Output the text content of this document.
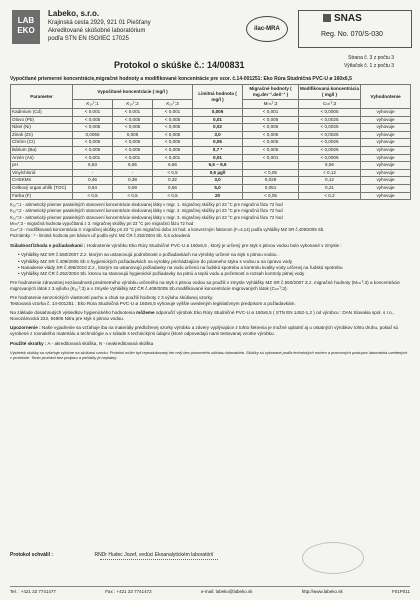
LAB
EKO
Labeko, s.r.o.
Krajinská cesta 2929, 921 01 Piešťany
Akreditované skúšobné laboratórium
podľa STN EN ISO/IEC 17025
ilac-MRA
SNAS
Reg. No. 070/S-030
Protokol o skúške č.: 14/00831
Strana č. 3 z počtu 3
Výtlačok č. 1 z počtu 3
Vypočítané priemerné koncentrácie,migračné hodnoty a modifikované koncentrácie pre vzor. č.14-001251: Eko Rúra Studničná PVC-U ø 160x6,5
Parameter	Vypočítané koncentrácie ( mg/l )			Limitná hodnota ( mg/l )	Migračné hodnoty ( mg.dm⁻².deň⁻¹ )	Modifikovaná koncentrácia ( mg/l )	Vyhodnotenie
	K₁₀ᵀ;1	K₁₀ᵀ;2	K₁₀ᵀ;3		Mₜₘᵀ;3	Cₜₘᵀ;3	
Kadmium (Cd)	< 0,001	< 0,001	< 0,001	0,005	< 0,001	< 0,0005	vyhovuje
Olovo (Pb)	< 0,005	< 0,005	< 0,005	0,01	< 0,005	< 0,0025	vyhovuje
Nikel (Ni)	< 0,005	< 0,005	< 0,005	0,02	< 0,005	< 0,0025	vyhovuje
Zinok (Zn)	0,0055	0,005	< 0,005	3,0	< 0,005	< 0,0025	vyhovuje
Chróm (Cr)	< 0,005	< 0,005	< 0,005	0,05	< 0,005	< 0,0025	vyhovuje
Bárium (Ba)	< 0,005	< 0,005	< 0,005	0,7 *	< 0,005	< 0,0025	vyhovuje
Arzén (As)	< 0,001	< 0,001	< 0,001	0,01	< 0,001	< 0,0005	vyhovuje
pH	6,53	6,55	6,56	6,5 – 9,5		6,56	vyhovuje
Vinylchlorid	-	-	< 0,5	0,5 µg/l	< 0,05	< 0,12	vyhovuje
CHSKMn	0,46	0,38	0,32	3,0	0,029	0,12	vyhovuje
Celkový organ.uhlík (TOC)	0,64	0,59	0,56	5,0	0,051	0,21	vyhovuje
Farba (F)	< 0,5	< 0,5	< 0,5	20	< 0,05	< 0,2	vyhovuje
K₁₀ᵀ;1 - aritmetický priemer paralelných stanovení koncentrácie sledovanej látky v migr. 1. migračnej skúšky pri 23 °C pre migračnú fázu 72 hod
K₁₀ᵀ;2 - aritmetický priemer paralelných stanovení koncentrácie sledovanej látky v migr. 2. migračnej skúšky pri 23 °C pre migračnú fázu 72 hod
K₁₀ᵀ;3 - aritmetický priemer paralelných stanovení koncentrácie sledovanej látky v migr. 3. migračnej skúšky pri 23 °C pre migračnú fázu 72 hod
Mₜₘᵀ;3 - migračná hodnota vypočítaná z 3. migračnej skúšky pri 23 °C pre migračnú fázu 72 hod
Cₜₘᵀ;3 - modifikovaná koncentrácia 3. migračnej skúšky pri 23 °C pre migračnú dobu 24 hod. a konverzným faktorom (F=4,14) podľa vyhlášky MZ SR č.409/2005 Sb.
Poznámky : * - limitná hodnota pre bárium už podľa vyhl. MZ ČR č.252/2004 Sb. 0,5 odvodená

Súladnosť/zhoda s požiadavkami : Hodnotenie výrobku Eko Rúry Studničné PVC-U ø 160x6,5 , ktorý je určený pre styk s pitnou vodou bolo vykonané v zmysle :

• Vyhlášky MZ SR č.550/2007 Z.z. ktorým sa ustanovujú podrobnosti o požiadavkách na výrobky určené na styk s pitnou vodou .
• Vyhlášky MZ SR č.409/2005 Sb o hygienických požiadavkách na výrobky prichádzajúce do priameho styku s vodou a na úpravu vody
• Nariadenie vlády SR č.496/2010 Z.z., ktorým sa ustanovujú požiadavky na vodu určenú na ľudskú spotrebu a kontrolu kvality vody určenej na ľudskú spotrebu
• Vyhlášky MZ ČR č.252/2004 Sb. ktorou sa stanovujú hygienické požiadavky na pitnú a teplú vodu a početnosť a rozsah kontroly pitnej vody

Pre hodnotenie zdravotnej nezávadnosti predmetného výrobku určeného na styk s pitnou vodou sa použili v zmysle Vyhlášky MZ SR č.550/2007 Z.z. migračné hodnoty (Mₜₘᵀ;3) a koncentrácie migrovaných látok z 3.výluhu (K₁₀ᵀ;3) a v zmysle Vyhlášky MZ ČR č.409/2005 Sb.modifikované koncentrácie migrovaných látok (Cₜₘᵀ;3).

Pre hodnotenie senzorických vlastností pachu a chuti sa použili hodnoty z 3.výluhu skúšanej vzorky.

Testovaná vzorka č. 14-001251 : Eko Rúra Studničná PVC-U ø 160x6,5 vyhovuje vyššie uvedeným legislatívnym predpisom a požiadavkám.

Na základe dosiahnutých výsledkov hygienického hodnotenia môžeme odporučiť výrobok Eko Rúry Studničné PVC-U ø 160x6,5 ( STN EN 1452-1,2 ) od výrobcu : DAN Slovakia spol. s r.o., Novozámocká 222, 94905 Nitra pre styk s pitnou vodou.

Upozornenie : Naše vyjadrenie sa vzťahuje iba na materiály predloženej vzorky výrobku a závery vyplývajúce z tohto šetrenia je možné uplatniť aj u ostatných výrobkov tohto druhu, pokiaľ sú vyrobené z rovnakého materiálu a technológie a v súlade s technickými údajmi (ktoré odpovedajú nami testovanej vzorke výrobku.

Použité skratky : A - akreditovaná skúška, N - neakreditovaná skúška

Výsledok skúšky sa vzťahuje výlučne na skúšanú vzorku. Protokol môže byť reprodukovaný len celý bez písomného súhlasu laboratória. Skúšky sú vykonané podľa technických noriem a pracovných postupov laboratória uvedených v protokole. Tento protokol bez podpisu a pečiatky je neplatný.

Protokol schválil :	RNDr Hudec Jozef, vedúci Ekoanalytickém laboratórií
Tel. : +421 33 7741477	Fax : +421 33 7741472	e-mail: labeko@labeko.sk	http://www.labeko.sk	F01P011
